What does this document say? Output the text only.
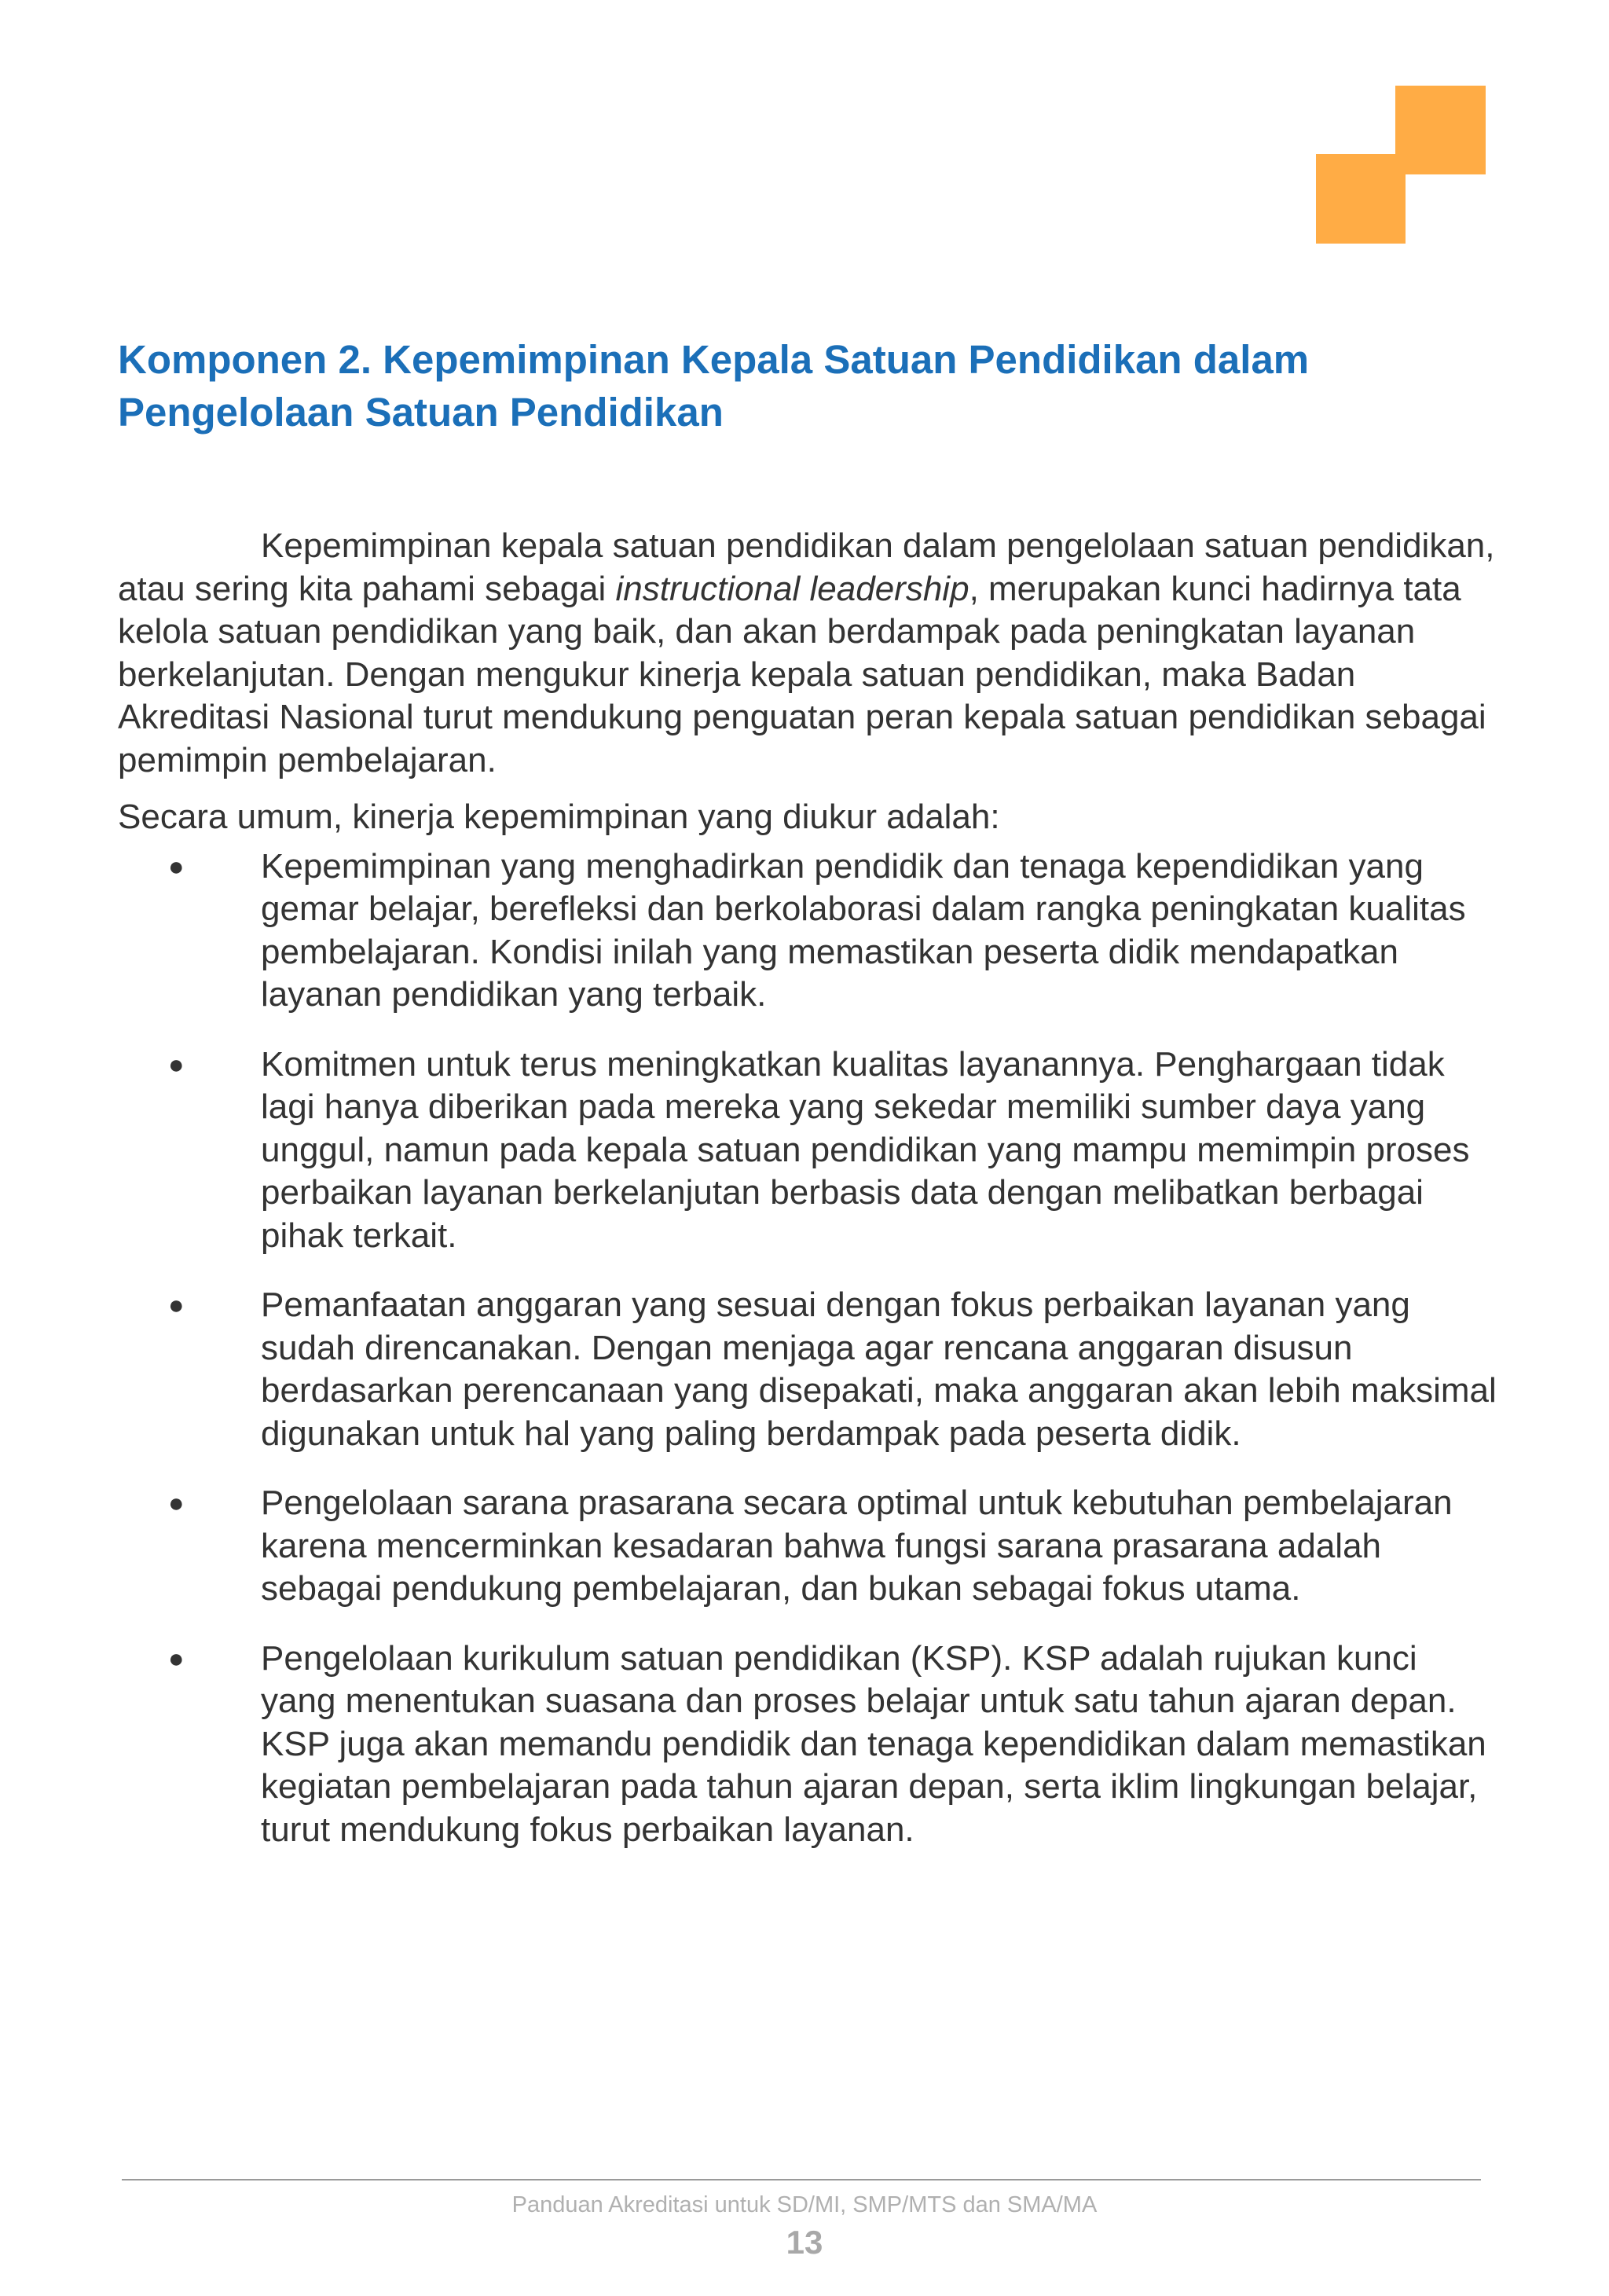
Komponen 2. Kepemimpinan Kepala Satuan Pendidikan dalam Pengelolaan Satuan Pendidikan

Kepemimpinan kepala satuan pendidikan dalam pengelolaan satuan pendidikan, atau sering kita pahami sebagai instructional leadership, merupakan kunci hadirnya tata kelola satuan pendidikan yang baik, dan akan berdampak pada peningkatan layanan berkelanjutan. Dengan mengukur kinerja kepala satuan pendidikan, maka Badan Akreditasi Nasional turut mendukung penguatan peran kepala satuan pendidikan sebagai pemimpin pembelajaran.

Secara umum, kinerja kepemimpinan yang diukur adalah:

● Kepemimpinan yang menghadirkan pendidik dan tenaga kependidikan yang gemar belajar, berefleksi dan berkolaborasi dalam rangka peningkatan kualitas pembelajaran. Kondisi inilah yang memastikan peserta didik mendapatkan layanan pendidikan yang terbaik.
● Komitmen untuk terus meningkatkan kualitas layanannya. Penghargaan tidak lagi hanya diberikan pada mereka yang sekedar memiliki sumber daya yang unggul, namun pada kepala satuan pendidikan yang mampu memimpin proses perbaikan layanan berkelanjutan berbasis data dengan melibatkan berbagai pihak terkait.
● Pemanfaatan anggaran yang sesuai dengan fokus perbaikan layanan yang sudah direncanakan. Dengan menjaga agar rencana anggaran disusun berdasarkan perencanaan yang disepakati, maka anggaran akan lebih maksimal digunakan untuk hal yang paling berdampak pada peserta didik.
● Pengelolaan sarana prasarana secara optimal untuk kebutuhan pembelajaran karena mencerminkan kesadaran bahwa fungsi sarana prasarana adalah sebagai pendukung pembelajaran, dan bukan sebagai fokus utama.
● Pengelolaan kurikulum satuan pendidikan (KSP). KSP adalah rujukan kunci yang menentukan suasana dan proses belajar untuk satu tahun ajaran depan. KSP juga akan memandu pendidik dan tenaga kependidikan dalam memastikan kegiatan pembelajaran pada tahun ajaran depan, serta iklim lingkungan belajar, turut mendukung fokus perbaikan layanan.
Panduan Akreditasi untuk SD/MI, SMP/MTS dan SMA/MA
13
